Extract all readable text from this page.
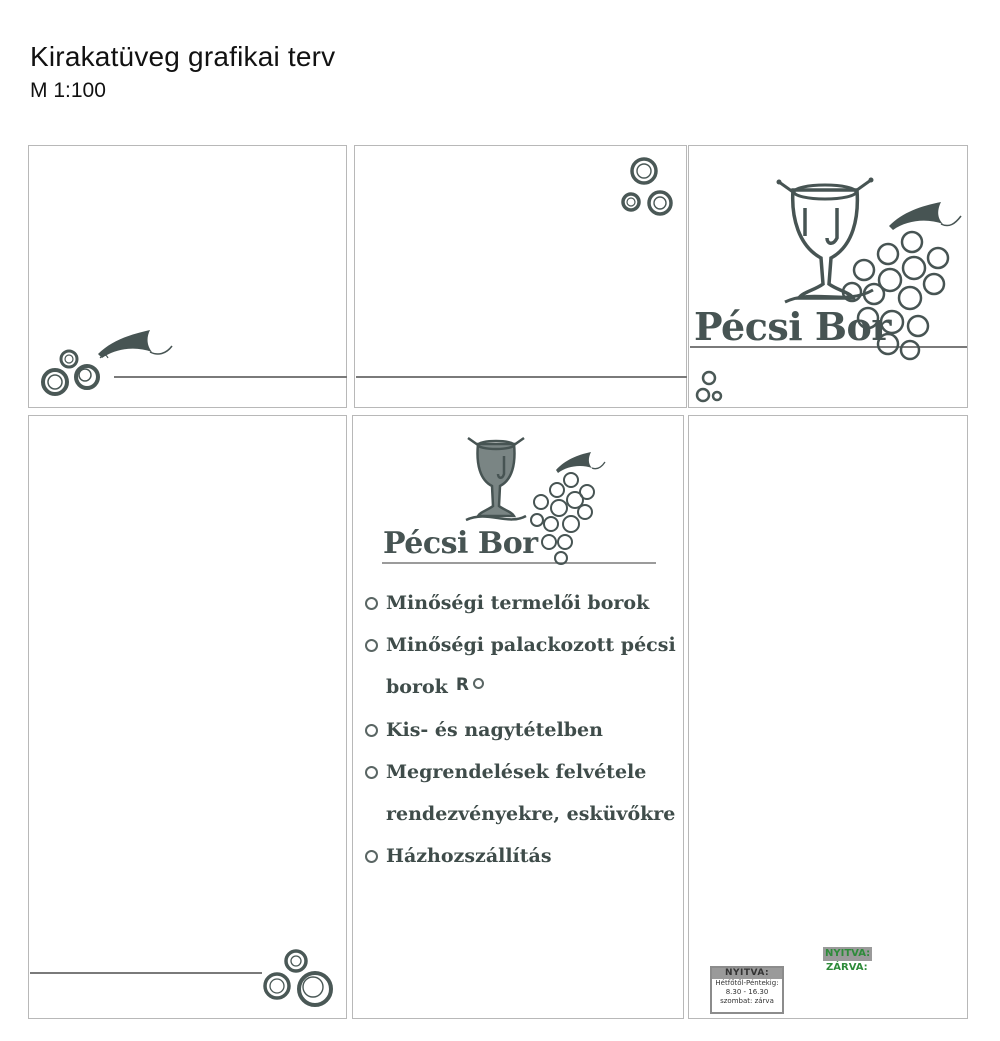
Kirakatüveg grafikai terv
M 1:100
Pécsi Bor
Pécsi Bor
Minőségi termelői borok
Minőségi palackozott pécsi
borok R
Kis- és nagytételben
Megrendelések felvétele
rendezvényekre, esküvőkre
Házhozszállítás
NYITVA:
Hétfőtől-Péntekig:
8.30 - 16.30
szombat: zárva
NYITVA:
ZÁRVA:
